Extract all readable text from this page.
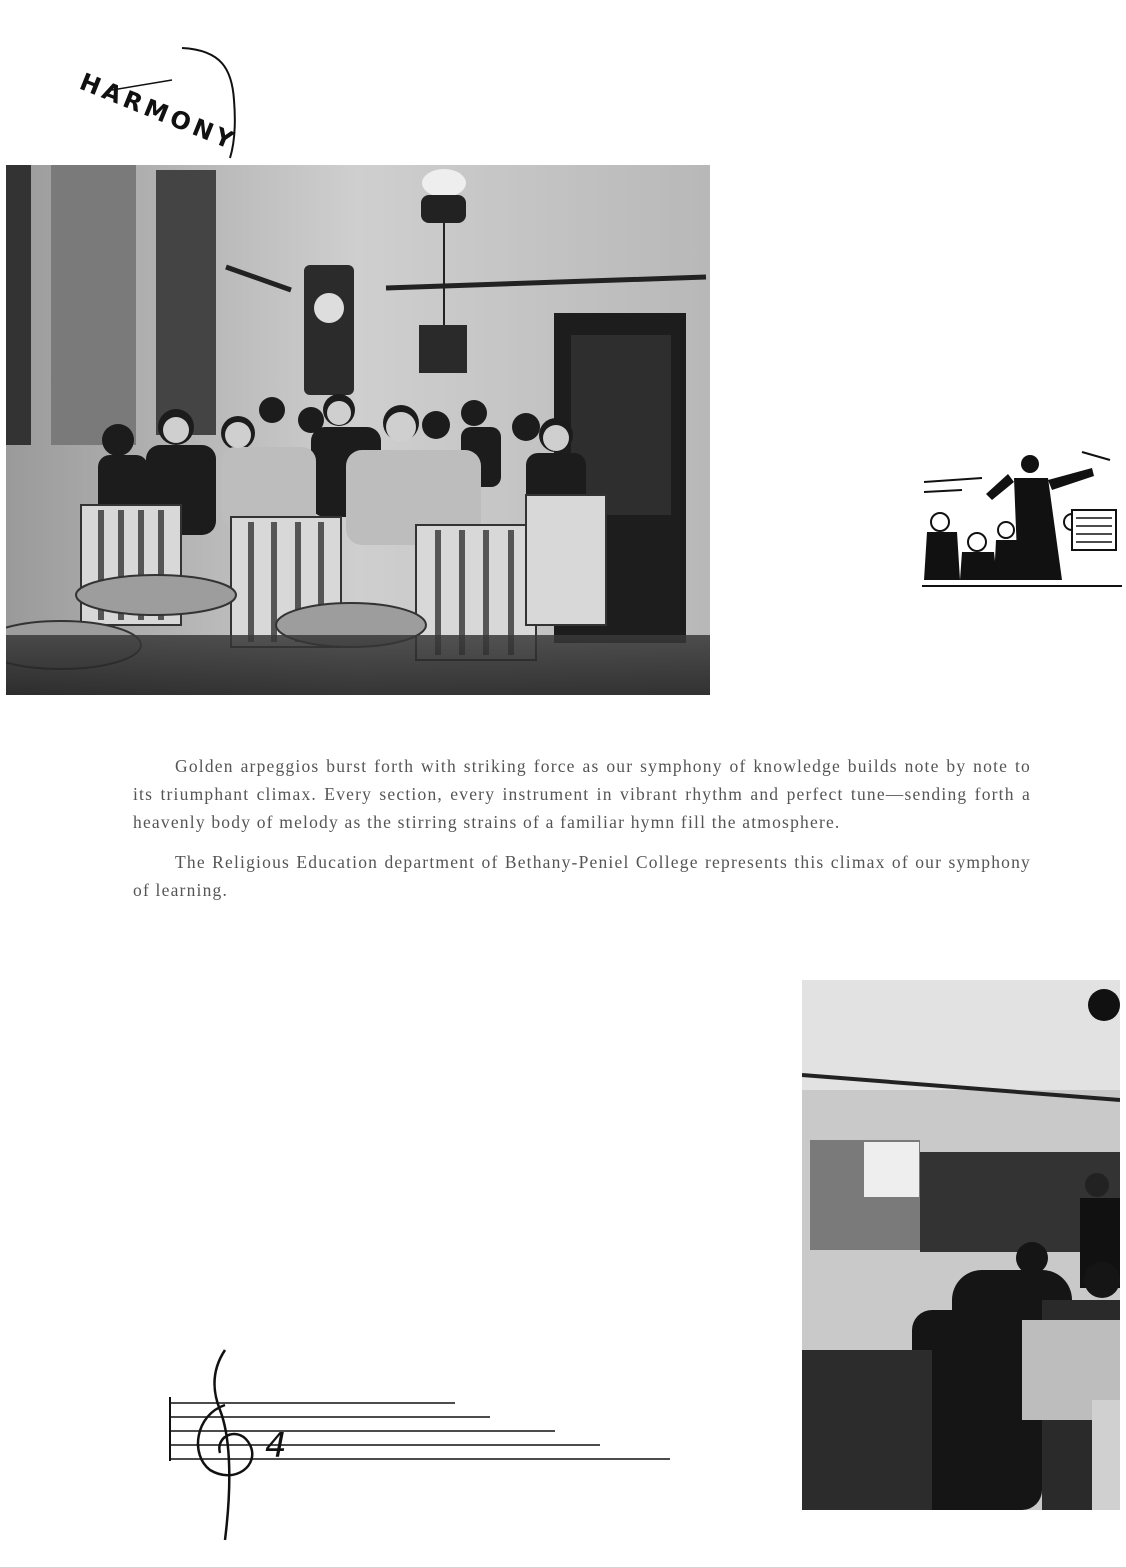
HARMONY

Golden arpeggios burst forth with striking force as our symphony of knowledge builds note by note to its triumphant climax. Every section, every instrument in vibrant rhythm and perfect tune—sending forth a heavenly body of melody as the stirring strains of a familiar hymn fill the atmosphere.

The Religious Education department of Bethany-Peniel College represents this climax of our symphony of learning.

4
